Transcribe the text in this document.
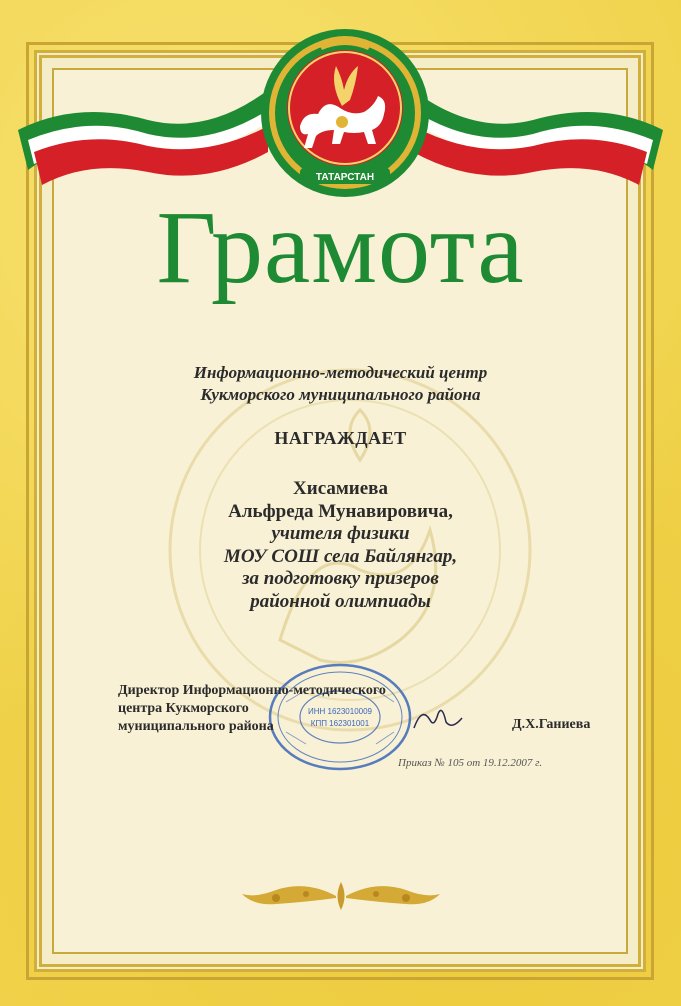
ТАТАРСТАН
Грамота
Информационно-методический центр
Кукморского муниципального района
НАГРАЖДАЕТ
Хисамиева
Альфреда Мунавировича,
учителя физики
МОУ СОШ села Байлянгар,
за подготовку призеров
районной олимпиады
ИНН 1623010009
КПП 162301001
Директор Информационно-методического
центра Кукморского
муниципального района	Д.Х.Ганиева
Приказ № 105 от 19.12.2007 г.
